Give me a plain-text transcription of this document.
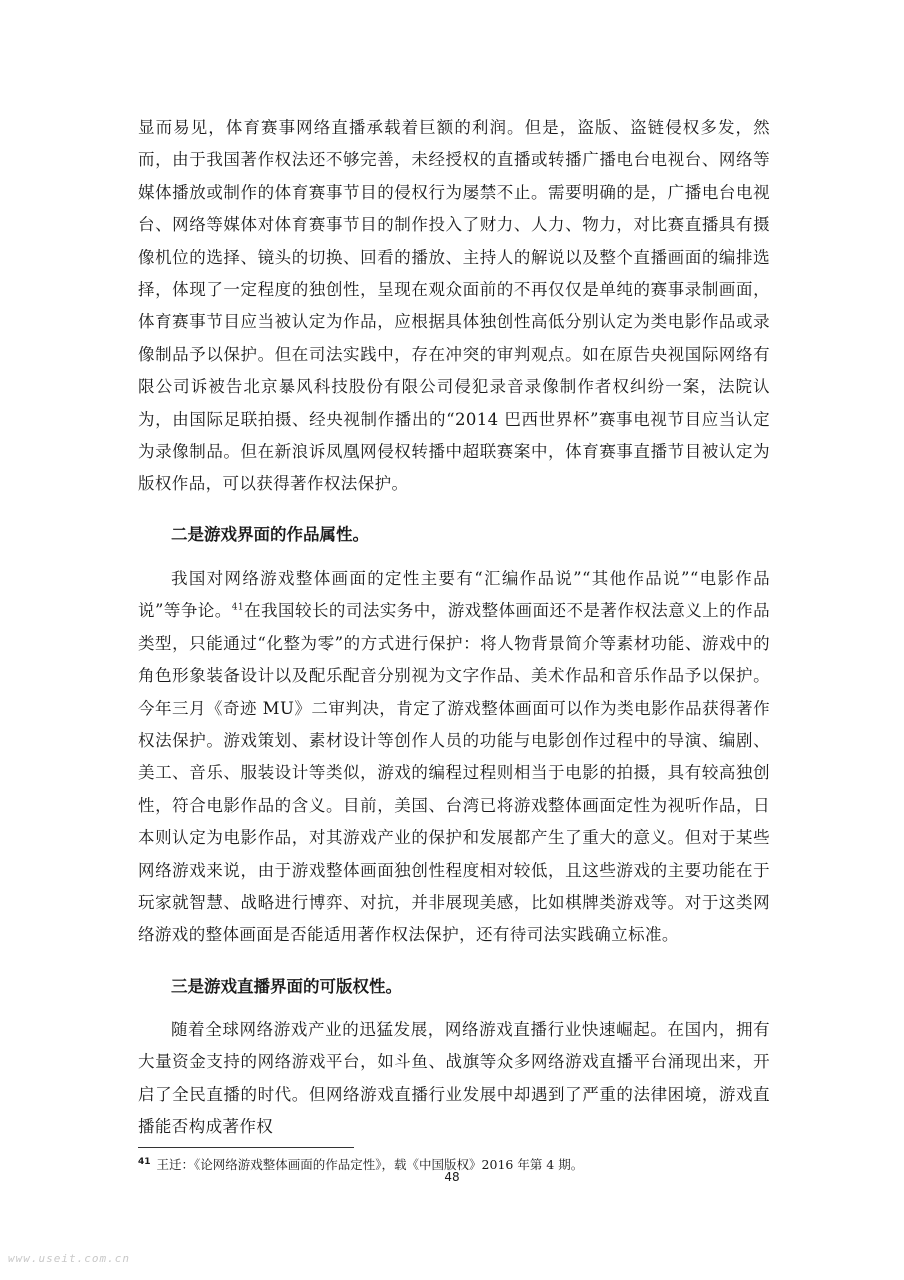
显而易见，体育赛事网络直播承载着巨额的利润。但是，盗版、盗链侵权多发，然而，由于我国著作权法还不够完善，未经授权的直播或转播广播电台电视台、网络等媒体播放或制作的体育赛事节目的侵权行为屡禁不止。需要明确的是，广播电台电视台、网络等媒体对体育赛事节目的制作投入了财力、人力、物力，对比赛直播具有摄像机位的选择、镜头的切换、回看的播放、主持人的解说以及整个直播画面的编排选择，体现了一定程度的独创性，呈现在观众面前的不再仅仅是单纯的赛事录制画面，体育赛事节目应当被认定为作品，应根据具体独创性高低分别认定为类电影作品或录像制品予以保护。但在司法实践中，存在冲突的审判观点。如在原告央视国际网络有限公司诉被告北京暴风科技股份有限公司侵犯录音录像制作者权纠纷一案，法院认为，由国际足联拍摄、经央视制作播出的“2014 巴西世界杯”赛事电视节目应当认定为录像制品。但在新浪诉凤凰网侵权转播中超联赛案中，体育赛事直播节目被认定为版权作品，可以获得著作权法保护。

二是游戏界面的作品属性。

我国对网络游戏整体画面的定性主要有“汇编作品说”“其他作品说”“电影作品说”等争论。$^{41}$在我国较长的司法实务中，游戏整体画面还不是著作权法意义上的作品类型，只能通过“化整为零”的方式进行保护：将人物背景简介等素材功能、游戏中的角色形象装备设计以及配乐配音分别视为文字作品、美术作品和音乐作品予以保护。今年三月《奇迹 MU》二审判决，肯定了游戏整体画面可以作为类电影作品获得著作权法保护。游戏策划、素材设计等创作人员的功能与电影创作过程中的导演、编剧、美工、音乐、服装设计等类似，游戏的编程过程则相当于电影的拍摄，具有较高独创性，符合电影作品的含义。目前，美国、台湾已将游戏整体画面定性为视听作品，日本则认定为电影作品，对其游戏产业的保护和发展都产生了重大的意义。但对于某些网络游戏来说，由于游戏整体画面独创性程度相对较低，且这些游戏的主要功能在于玩家就智慧、战略进行博弈、对抗，并非展现美感，比如棋牌类游戏等。对于这类网络游戏的整体画面是否能适用著作权法保护，还有待司法实践确立标准。

三是游戏直播界面的可版权性。

随着全球网络游戏产业的迅猛发展，网络游戏直播行业快速崛起。在国内，拥有大量资金支持的网络游戏平台，如斗鱼、战旗等众多网络游戏直播平台涌现出来，开启了全民直播的时代。但网络游戏直播行业发展中却遇到了严重的法律困境，游戏直播能否构成著作权

$^{41}$ 王迁：《论网络游戏整体画面的作品定性》，载《中国版权》2016 年第 4 期。

48
www.useit.com.cn
